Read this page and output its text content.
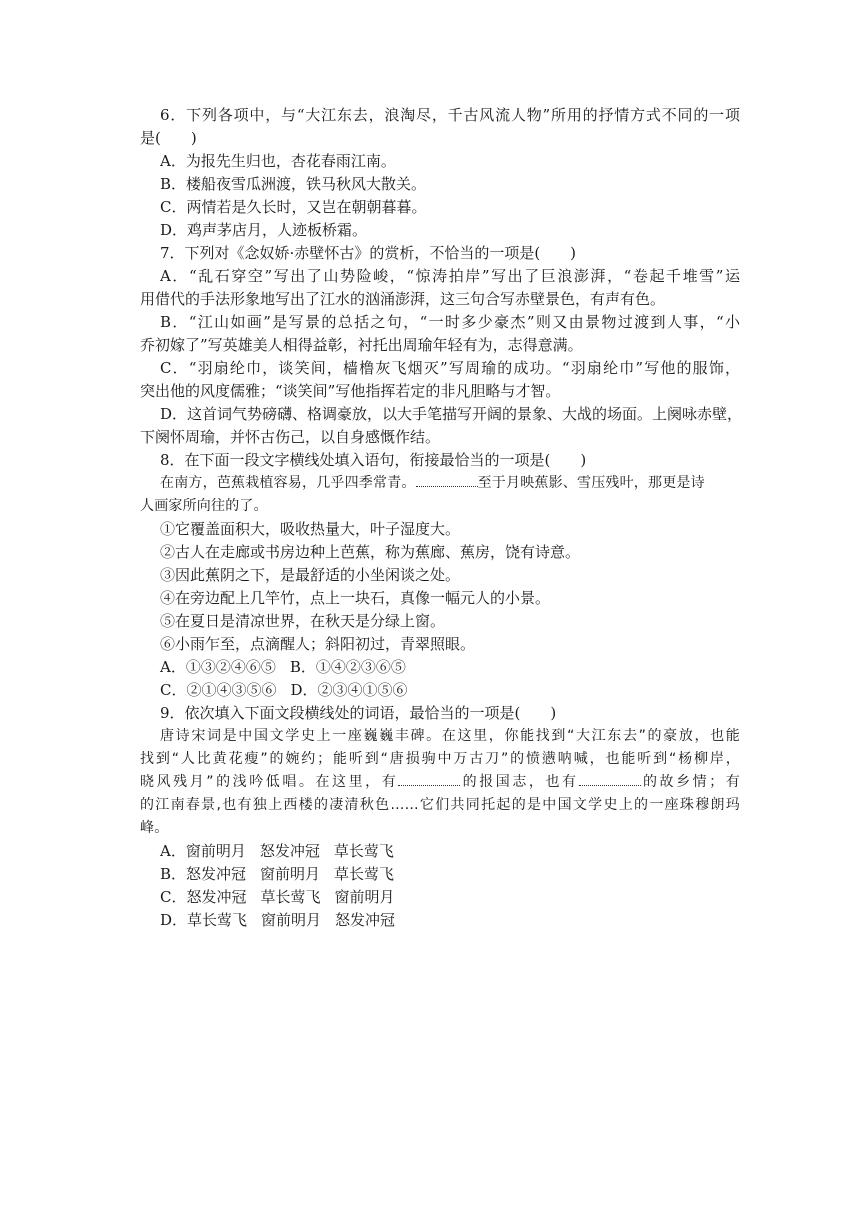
6．下列各项中，与“大江东去，浪淘尽，千古风流人物”所用的抒情方式不同的一项
是(　　)
A．为报先生归也，杏花春雨江南。
B．楼船夜雪瓜洲渡，铁马秋风大散关。
C．两情若是久长时，又岂在朝朝暮暮。
D．鸡声茅店月，人迹板桥霜。
7．下列对《念奴娇·赤壁怀古》的赏析，不恰当的一项是(　　)
A．“乱石穿空”写出了山势险峻，“惊涛拍岸”写出了巨浪澎湃，“卷起千堆雪”运
用借代的手法形象地写出了江水的汹涌澎湃，这三句合写赤壁景色，有声有色。
B．“江山如画”是写景的总括之句，“一时多少豪杰”则又由景物过渡到人事，“小
乔初嫁了”写英雄美人相得益彰，衬托出周瑜年轻有为，志得意满。
C．“羽扇纶巾，谈笑间，樯橹灰飞烟灭”写周瑜的成功。“羽扇纶巾”写他的服饰，
突出他的风度儒雅；“谈笑间”写他指挥若定的非凡胆略与才智。
D．这首词气势磅礴、格调豪放，以大手笔描写开阔的景象、大战的场面。上阕咏赤壁，
下阕怀周瑜，并怀古伤己，以自身感慨作结。
8．在下面一段文字横线处填入语句，衔接最恰当的一项是(　　)
在南方，芭蕉栽植容易，几乎四季常青。	至于月映蕉影、雪压残叶，那更是诗
人画家所向往的了。
①它覆盖面积大，吸收热量大，叶子湿度大。
②古人在走廊或书房边种上芭蕉，称为蕉廊、蕉房，饶有诗意。
③因此蕉阴之下，是最舒适的小坐闲谈之处。
④在旁边配上几竿竹，点上一块石，真像一幅元人的小景。
⑤在夏日是清凉世界，在秋天是分绿上窗。
⑥小雨乍至，点滴醒人；斜阳初过，青翠照眼。
A．①③②④⑥⑤ B．①④②③⑥⑤
C．②①④③⑤⑥ D．②③④①⑤⑥
9．依次填入下面文段横线处的词语，最恰当的一项是(　　)
唐诗宋词是中国文学史上一座巍巍丰碑。在这里，你能找到“大江东去”的豪放，也能
找到“人比黄花瘦”的婉约；能听到“唐损驹中万古刀”的愤懑呐喊，也能听到“杨柳岸，
晓风残月”的浅吟低唱。在这里，有	的报国志，也有	的故乡情；有
的江南春景,也有独上西楼的凄清秋色……它们共同托起的是中国文学史上的一座珠穆朗玛
峰。
A．窗前明月 怒发冲冠 草长莺飞
B．怒发冲冠 窗前明月 草长莺飞
C．怒发冲冠 草长莺飞 窗前明月
D．草长莺飞 窗前明月 怒发冲冠
